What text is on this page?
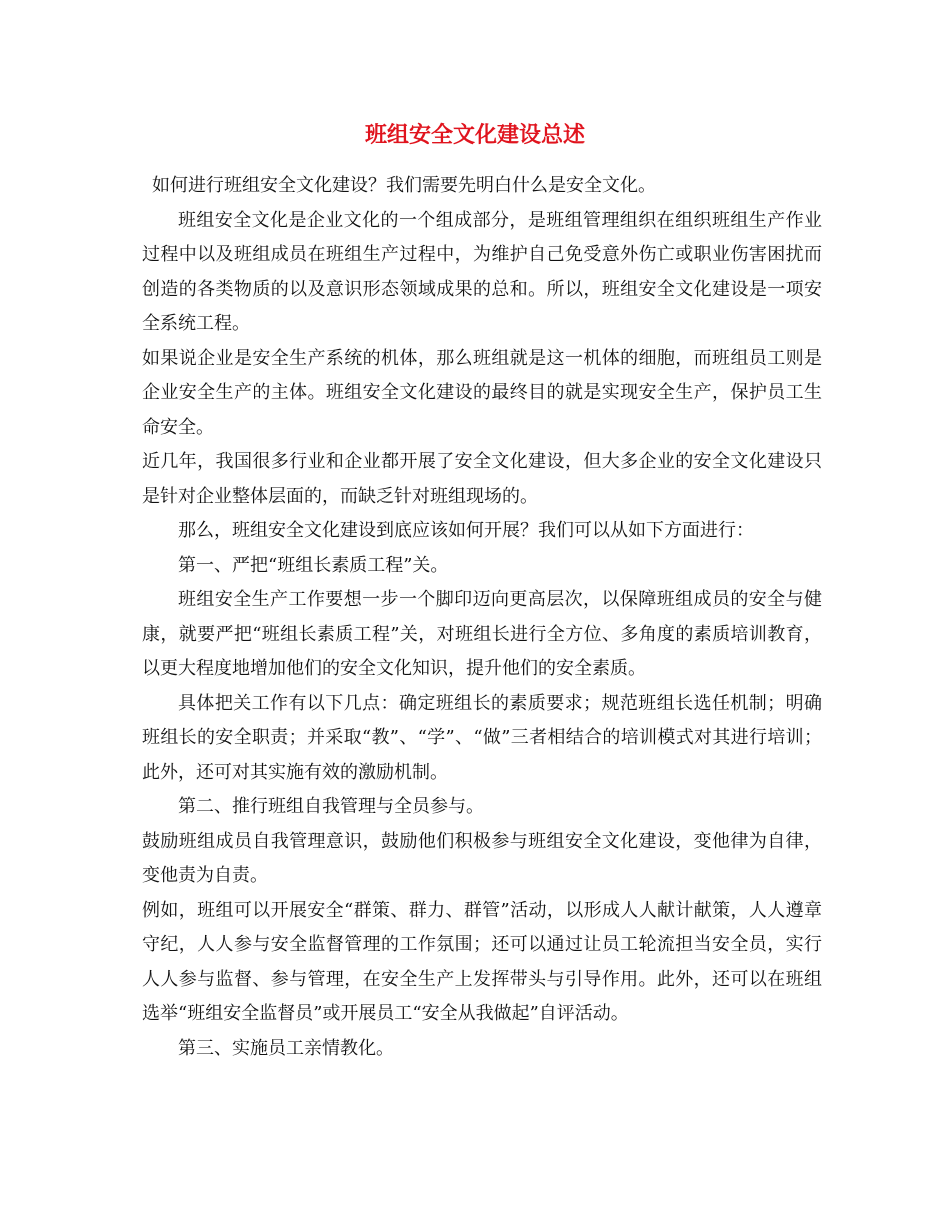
班组安全文化建设总述

如何进行班组安全文化建设？我们需要先明白什么是安全文化。

班组安全文化是企业文化的一个组成部分，是班组管理组织在组织班组生产作业过程中以及班组成员在班组生产过程中，为维护自己免受意外伤亡或职业伤害困扰而创造的各类物质的以及意识形态领域成果的总和。所以，班组安全文化建设是一项安全系统工程。

如果说企业是安全生产系统的机体，那么班组就是这一机体的细胞，而班组员工则是企业安全生产的主体。班组安全文化建设的最终目的就是实现安全生产，保护员工生命安全。

近几年，我国很多行业和企业都开展了安全文化建设，但大多企业的安全文化建设只是针对企业整体层面的，而缺乏针对班组现场的。

那么，班组安全文化建设到底应该如何开展？我们可以从如下方面进行：

第一、严把“班组长素质工程”关。

班组安全生产工作要想一步一个脚印迈向更高层次，以保障班组成员的安全与健康，就要严把“班组长素质工程”关，对班组长进行全方位、多角度的素质培训教育，以更大程度地增加他们的安全文化知识，提升他们的安全素质。

具体把关工作有以下几点：确定班组长的素质要求；规范班组长选任机制；明确班组长的安全职责；并采取“教”、“学”、“做”三者相结合的培训模式对其进行培训；此外，还可对其实施有效的激励机制。

第二、推行班组自我管理与全员参与。

鼓励班组成员自我管理意识，鼓励他们积极参与班组安全文化建设，变他律为自律，变他责为自责。

例如，班组可以开展安全“群策、群力、群管”活动，以形成人人献计献策，人人遵章守纪，人人参与安全监督管理的工作氛围；还可以通过让员工轮流担当安全员，实行人人参与监督、参与管理，在安全生产上发挥带头与引导作用。此外，还可以在班组选举“班组安全监督员”或开展员工“安全从我做起”自评活动。

第三、实施员工亲情教化。
